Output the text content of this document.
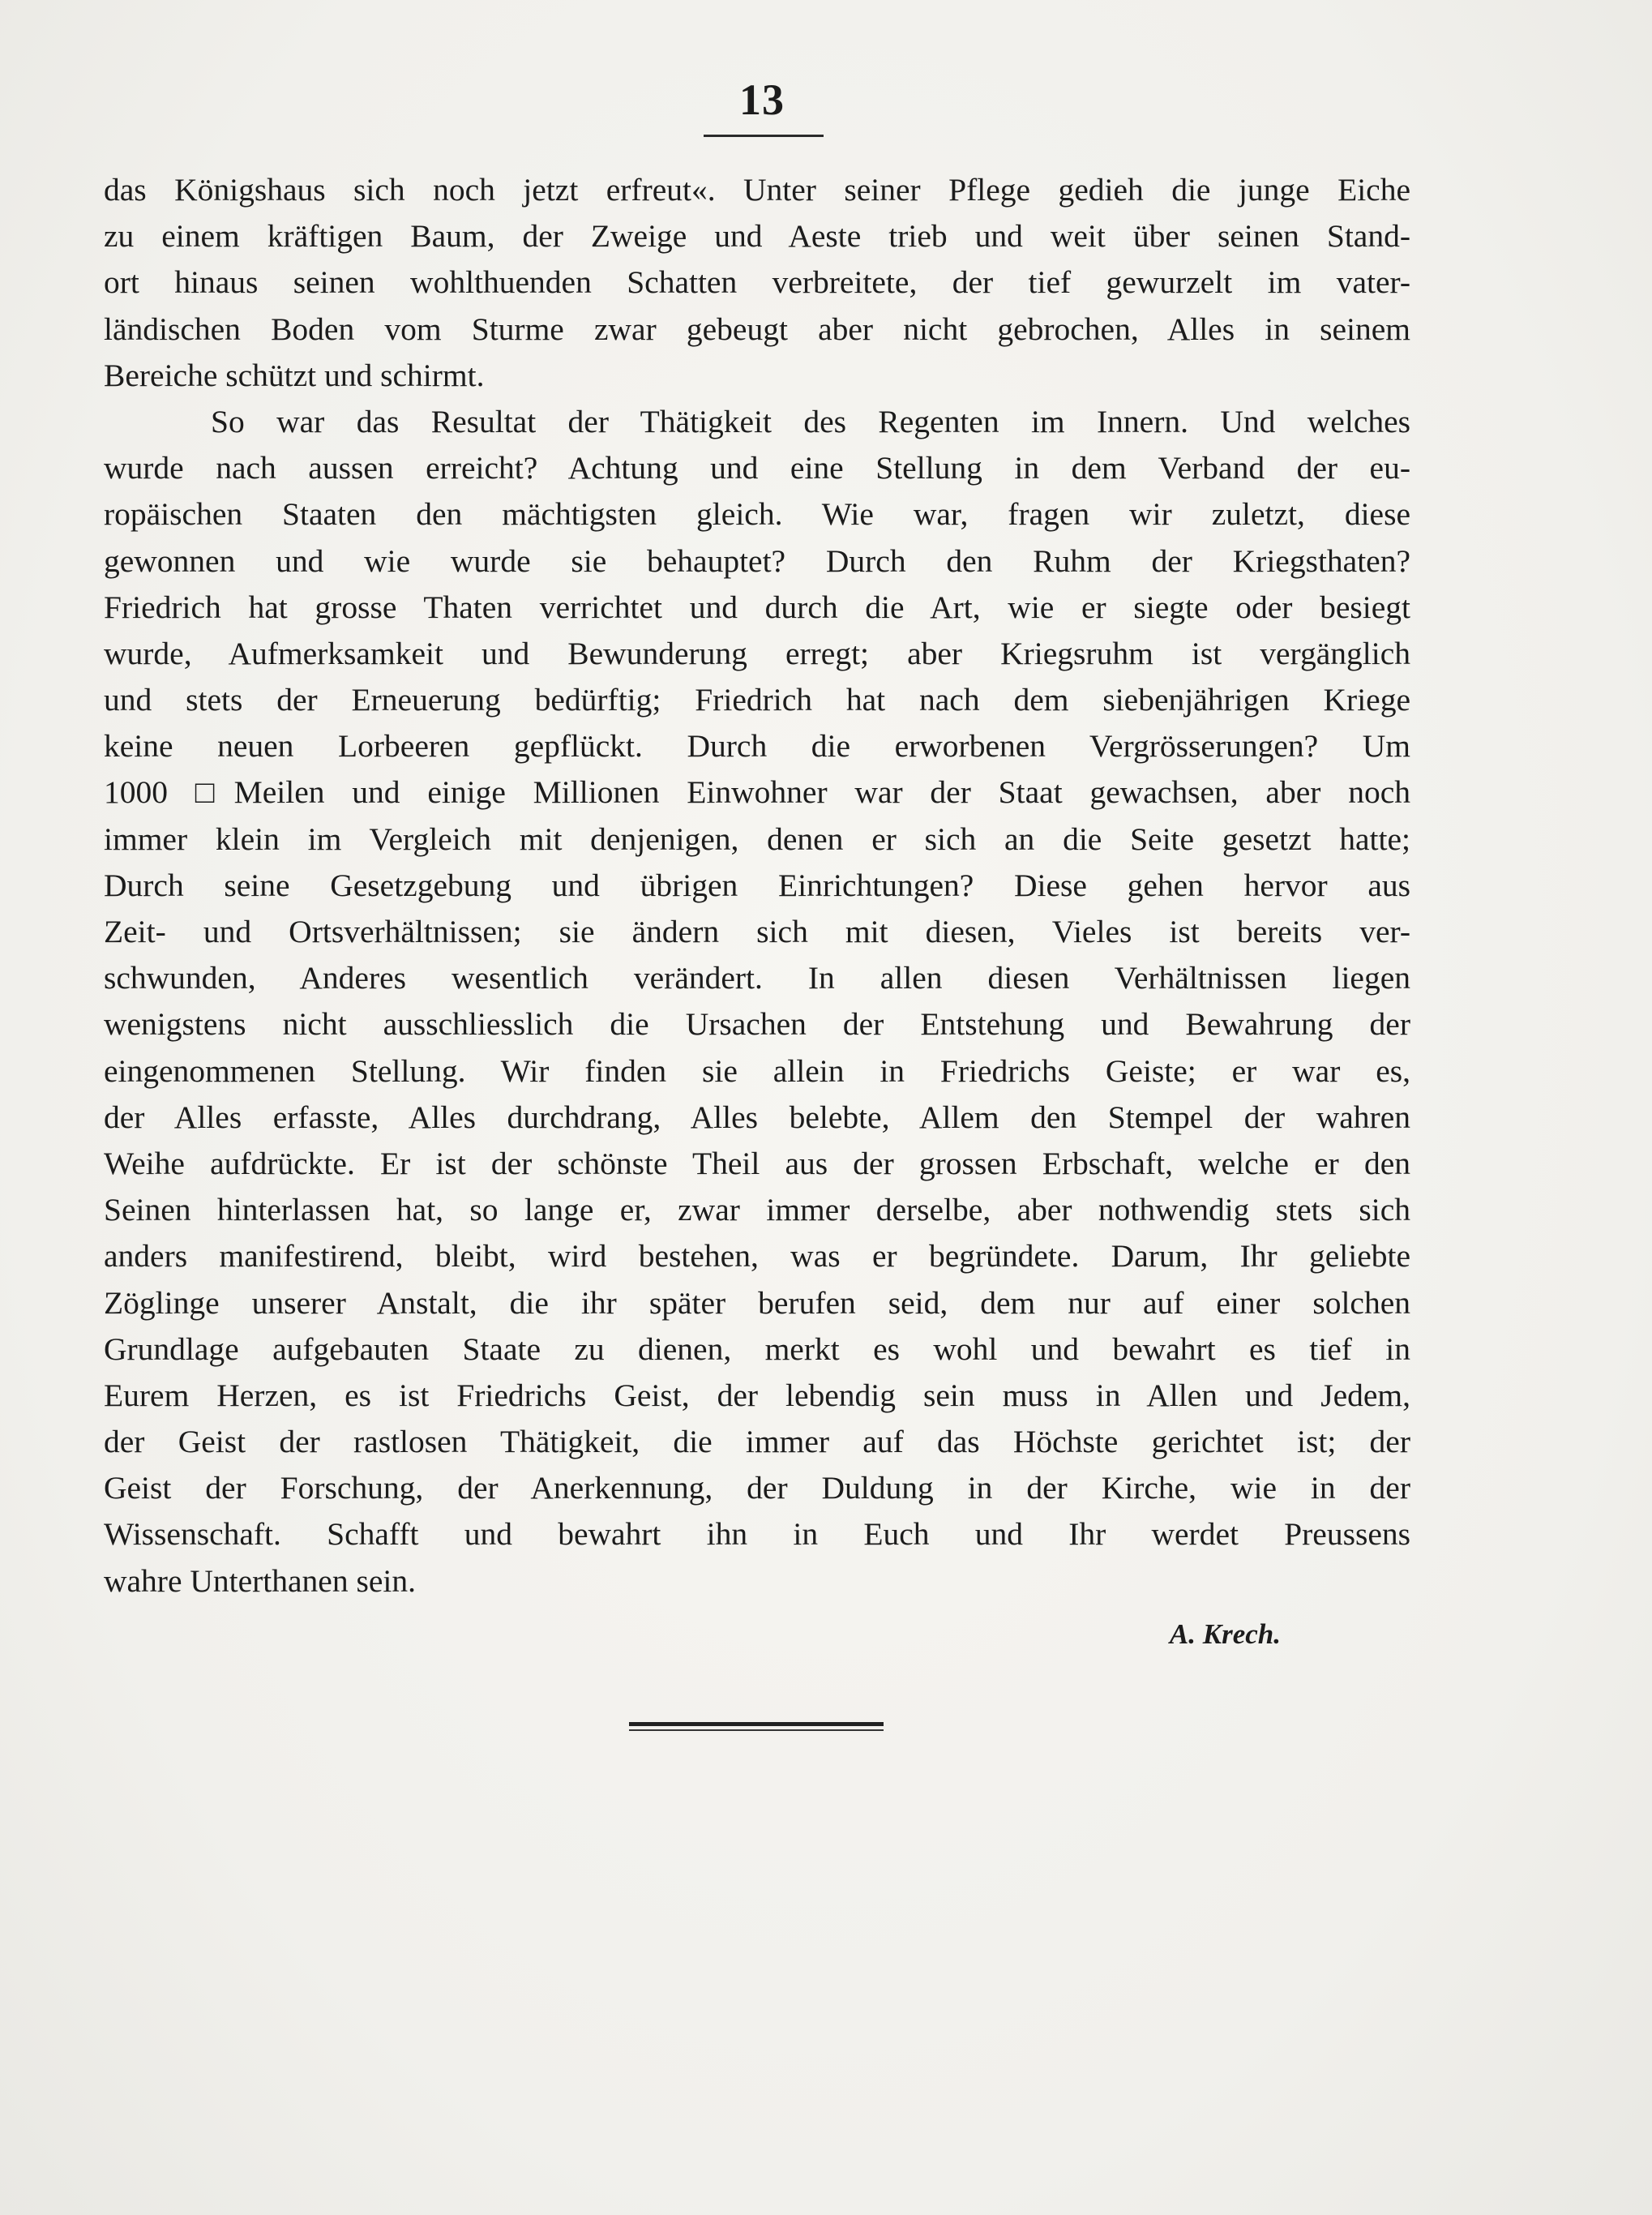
13
das Königshaus sich noch jetzt erfreut«. Unter seiner Pflege gedieh die junge Eiche
zu einem kräftigen Baum, der Zweige und Aeste trieb und weit über seinen Stand-
ort hinaus seinen wohlthuenden Schatten verbreitete, der tief gewurzelt im vater-
ländischen Boden vom Sturme zwar gebeugt aber nicht gebrochen, Alles in seinem
Bereiche schützt und schirmt.
So war das Resultat der Thätigkeit des Regenten im Innern. Und welches
wurde nach aussen erreicht? Achtung und eine Stellung in dem Verband der eu-
ropäischen Staaten den mächtigsten gleich. Wie war, fragen wir zuletzt, diese
gewonnen und wie wurde sie behauptet? Durch den Ruhm der Kriegsthaten?
Friedrich hat grosse Thaten verrichtet und durch die Art, wie er siegte oder besiegt
wurde, Aufmerksamkeit und Bewunderung erregt; aber Kriegsruhm ist vergänglich
und stets der Erneuerung bedürftig; Friedrich hat nach dem siebenjährigen Kriege
keine neuen Lorbeeren gepflückt. Durch die erworbenen Vergrösserungen? Um
1000 □Meilen und einige Millionen Einwohner war der Staat gewachsen, aber noch
immer klein im Vergleich mit denjenigen, denen er sich an die Seite gesetzt hatte;
Durch seine Gesetzgebung und übrigen Einrichtungen? Diese gehen hervor aus
Zeit- und Ortsverhältnissen; sie ändern sich mit diesen, Vieles ist bereits ver-
schwunden, Anderes wesentlich verändert. In allen diesen Verhältnissen liegen
wenigstens nicht ausschliesslich die Ursachen der Entstehung und Bewahrung der
eingenommenen Stellung. Wir finden sie allein in Friedrichs Geiste; er war es,
der Alles erfasste, Alles durchdrang, Alles belebte, Allem den Stempel der wahren
Weihe aufdrückte. Er ist der schönste Theil aus der grossen Erbschaft, welche er den
Seinen hinterlassen hat, so lange er, zwar immer derselbe, aber nothwendig stets sich
anders manifestirend, bleibt, wird bestehen, was er begründete. Darum, Ihr geliebte
Zöglinge unserer Anstalt, die ihr später berufen seid, dem nur auf einer solchen
Grundlage aufgebauten Staate zu dienen, merkt es wohl und bewahrt es tief in
Eurem Herzen, es ist Friedrichs Geist, der lebendig sein muss in Allen und Jedem,
der Geist der rastlosen Thätigkeit, die immer auf das Höchste gerichtet ist; der
Geist der Forschung, der Anerkennung, der Duldung in der Kirche, wie in der
Wissenschaft. Schafft und bewahrt ihn in Euch und Ihr werdet Preussens
wahre Unterthanen sein.
A. Krech.
